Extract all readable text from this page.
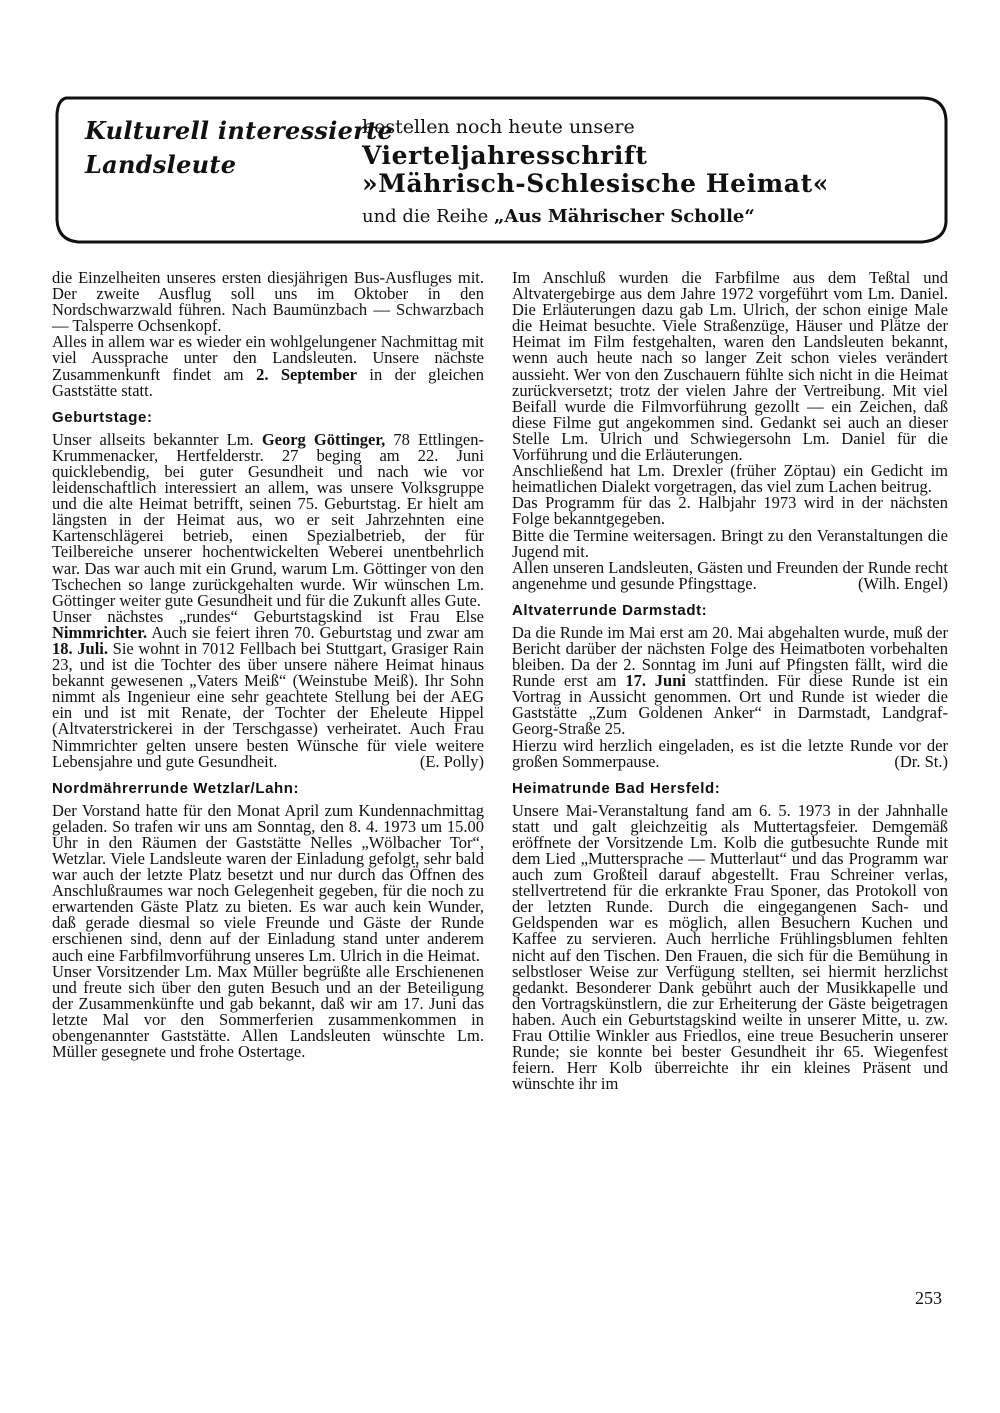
Kulturell interessierte
Landsleute
bestellen noch heute unsere
Vierteljahresschrift
»Mährisch-Schlesische Heimat«
und die Reihe „Aus Mährischer Scholle“

die Einzelheiten unseres ersten diesjährigen Bus-Ausfluges mit. Der zweite Ausflug soll uns im Oktober in den Nordschwarzwald führen. Nach Baumünzbach — Schwarzbach — Talsperre Ochsenkopf.

Alles in allem war es wieder ein wohlgelungener Nachmittag mit viel Aussprache unter den Landsleuten. Unsere nächste Zusammenkunft findet am 2. September in der gleichen Gaststätte statt.

Geburtstage:

Unser allseits bekannter Lm. Georg Göttinger, 78 Ettlingen-Krummenacker, Hertfelderstr. 27 beging am 22. Juni quicklebendig, bei guter Gesundheit und nach wie vor leidenschaftlich interessiert an allem, was unsere Volksgruppe und die alte Heimat betrifft, seinen 75. Geburtstag. Er hielt am längsten in der Heimat aus, wo er seit Jahrzehnten eine Kartenschlägerei betrieb, einen Spezialbetrieb, der für Teilbereiche unserer hochentwickelten Weberei unentbehrlich war. Das war auch mit ein Grund, warum Lm. Göttinger von den Tschechen so lange zurückgehalten wurde. Wir wünschen Lm. Göttinger weiter gute Gesundheit und für die Zukunft alles Gute.

Unser nächstes „rundes“ Geburtstagskind ist Frau Else Nimmrichter. Auch sie feiert ihren 70. Geburtstag und zwar am 18. Juli. Sie wohnt in 7012 Fellbach bei Stuttgart, Grasiger Rain 23, und ist die Tochter des über unsere nähere Heimat hinaus bekannt gewesenen „Vaters Meiß“ (Weinstube Meiß). Ihr Sohn nimmt als Ingenieur eine sehr geachtete Stellung bei der AEG ein und ist mit Renate, der Tochter der Eheleute Hippel (Altvaterstrickerei in der Terschgasse) verheiratet. Auch Frau Nimmrichter gelten unsere besten Wünsche für viele weitere Lebensjahre und gute Gesundheit.	(E. Polly)

Nordmährerrunde Wetzlar/Lahn:

Der Vorstand hatte für den Monat April zum Kundennachmittag geladen. So trafen wir uns am Sonntag, den 8. 4. 1973 um 15.00 Uhr in den Räumen der Gaststätte Nelles „Wölbacher Tor“, Wetzlar. Viele Landsleute waren der Einladung gefolgt, sehr bald war auch der letzte Platz besetzt und nur durch das Öffnen des Anschlußraumes war noch Gelegenheit gegeben, für die noch zu erwartenden Gäste Platz zu bieten. Es war auch kein Wunder, daß gerade diesmal so viele Freunde und Gäste der Runde erschienen sind, denn auf der Einladung stand unter anderem auch eine Farbfilmvorführung unseres Lm. Ulrich in die Heimat.

Unser Vorsitzender Lm. Max Müller begrüßte alle Erschienenen und freute sich über den guten Besuch und an der Beteiligung der Zusammenkünfte und gab bekannt, daß wir am 17. Juni das letzte Mal vor den Sommerferien zusammenkommen in obengenannter Gaststätte. Allen Landsleuten wünschte Lm. Müller gesegnete und frohe Ostertage.

Im Anschluß wurden die Farbfilme aus dem Teßtal und Altvatergebirge aus dem Jahre 1972 vorgeführt vom Lm. Daniel. Die Erläuterungen dazu gab Lm. Ulrich, der schon einige Male die Heimat besuchte. Viele Straßenzüge, Häuser und Plätze der Heimat im Film festgehalten, waren den Landsleuten bekannt, wenn auch heute nach so langer Zeit schon vieles verändert aussieht. Wer von den Zuschauern fühlte sich nicht in die Heimat zurückversetzt; trotz der vielen Jahre der Vertreibung. Mit viel Beifall wurde die Filmvorführung gezollt — ein Zeichen, daß diese Filme gut angekommen sind. Gedankt sei auch an dieser Stelle Lm. Ulrich und Schwiegersohn Lm. Daniel für die Vorführung und die Erläuterungen.

Anschließend hat Lm. Drexler (früher Zöptau) ein Gedicht im heimatlichen Dialekt vorgetragen, das viel zum Lachen beitrug.

Das Programm für das 2. Halbjahr 1973 wird in der nächsten Folge bekanntgegeben.

Bitte die Termine weitersagen. Bringt zu den Veranstaltungen die Jugend mit.

Allen unseren Landsleuten, Gästen und Freunden der Runde recht angenehme und gesunde Pfingsttage.	(Wilh. Engel)

Altvaterrunde Darmstadt:

Da die Runde im Mai erst am 20. Mai abgehalten wurde, muß der Bericht darüber der nächsten Folge des Heimatboten vorbehalten bleiben. Da der 2. Sonntag im Juni auf Pfingsten fällt, wird die Runde erst am 17. Juni stattfinden. Für diese Runde ist ein Vortrag in Aussicht genommen. Ort und Runde ist wieder die Gaststätte „Zum Goldenen Anker“ in Darmstadt, Landgraf-Georg-Straße 25.

Hierzu wird herzlich eingeladen, es ist die letzte Runde vor der großen Sommerpause.	(Dr. St.)

Heimatrunde Bad Hersfeld:

Unsere Mai-Veranstaltung fand am 6. 5. 1973 in der Jahnhalle statt und galt gleichzeitig als Muttertagsfeier. Demgemäß eröffnete der Vorsitzende Lm. Kolb die gutbesuchte Runde mit dem Lied „Muttersprache — Mutterlaut“ und das Programm war auch zum Großteil darauf abgestellt. Frau Schreiner verlas, stellvertretend für die erkrankte Frau Sponer, das Protokoll von der letzten Runde. Durch die eingegangenen Sach- und Geldspenden war es möglich, allen Besuchern Kuchen und Kaffee zu servieren. Auch herrliche Frühlingsblumen fehlten nicht auf den Tischen. Den Frauen, die sich für die Bemühung in selbstloser Weise zur Verfügung stellten, sei hiermit herzlichst gedankt. Besonderer Dank gebührt auch der Musikkapelle und den Vortragskünstlern, die zur Erheiterung der Gäste beigetragen haben. Auch ein Geburtstagskind weilte in unserer Mitte, u. zw. Frau Ottilie Winkler aus Friedlos, eine treue Besucherin unserer Runde; sie konnte bei bester Gesundheit ihr 65. Wiegenfest feiern. Herr Kolb überreichte ihr ein kleines Präsent und wünschte ihr im

253
